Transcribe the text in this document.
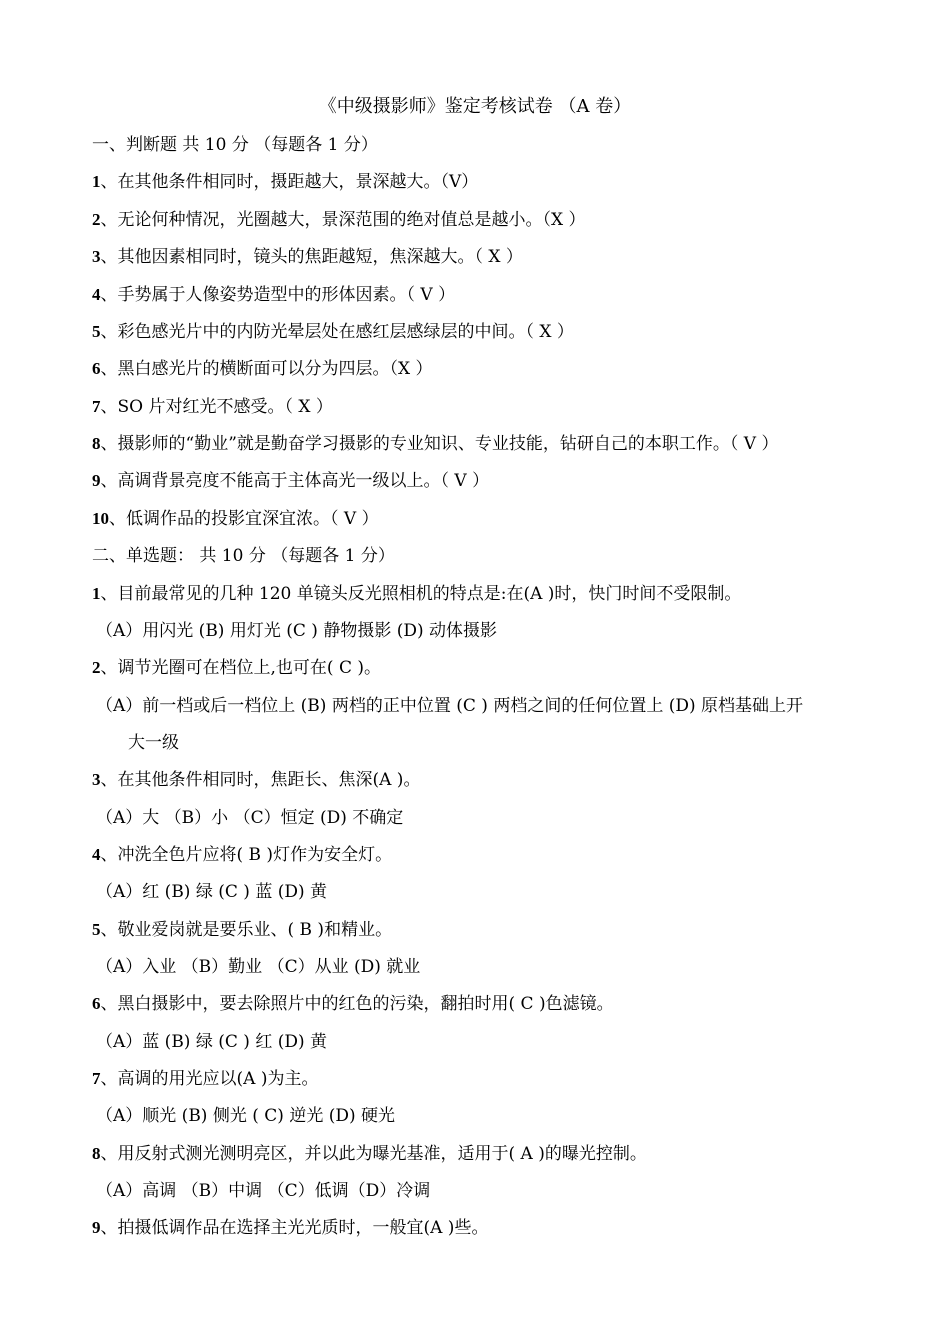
《中级摄影师》鉴定考核试卷 （A 卷）
一、判断题 共 10 分 （每题各 1 分）
1、在其他条件相同时，摄距越大，景深越大。（V）
2、无论何种情况，光圈越大，景深范围的绝对值总是越小。（X ）
3、其他因素相同时，镜头的焦距越短，焦深越大。（ X ）
4、手势属于人像姿势造型中的形体因素。（ V ）
5、彩色感光片中的内防光晕层处在感红层感绿层的中间。（ X ）
6、黑白感光片的横断面可以分为四层。（X ）
7、SO 片对红光不感受。（ X ）
8、摄影师的“勤业”就是勤奋学习摄影的专业知识、专业技能，钻研自己的本职工作。（ V ）
9、高调背景亮度不能高于主体高光一级以上。（ V ）
10、低调作品的投影宜深宜浓。（ V ）
二、单选题： 共 10 分 （每题各 1 分）
1、目前最常见的几种 120 单镜头反光照相机的特点是:在(A )时，快门时间不受限制。
（A）用闪光 (B) 用灯光 (C ) 静物摄影 (D) 动体摄影
2、调节光圈可在档位上,也可在( C )。
（A）前一档或后一档位上 (B) 两档的正中位置 (C ) 两档之间的任何位置上 (D) 原档基础上开
大一级
3、在其他条件相同时，焦距长、焦深(A )。
（A）大 （B）小 （C）恒定 (D) 不确定
4、冲洗全色片应将( B )灯作为安全灯。
（A）红 (B) 绿 (C ) 蓝 (D) 黄
5、敬业爱岗就是要乐业、( B )和精业。
（A）入业 （B）勤业 （C）从业 (D) 就业
6、黑白摄影中，要去除照片中的红色的污染，翻拍时用( C )色滤镜。
（A）蓝 (B) 绿 (C ) 红 (D) 黄
7、高调的用光应以(A )为主。
（A）顺光 (B) 侧光 ( C) 逆光 (D) 硬光
8、用反射式测光测明亮区，并以此为曝光基准，适用于( A )的曝光控制。
（A）高调 （B）中调 （C）低调（D）冷调
9、拍摄低调作品在选择主光光质时，一般宜(A )些。
